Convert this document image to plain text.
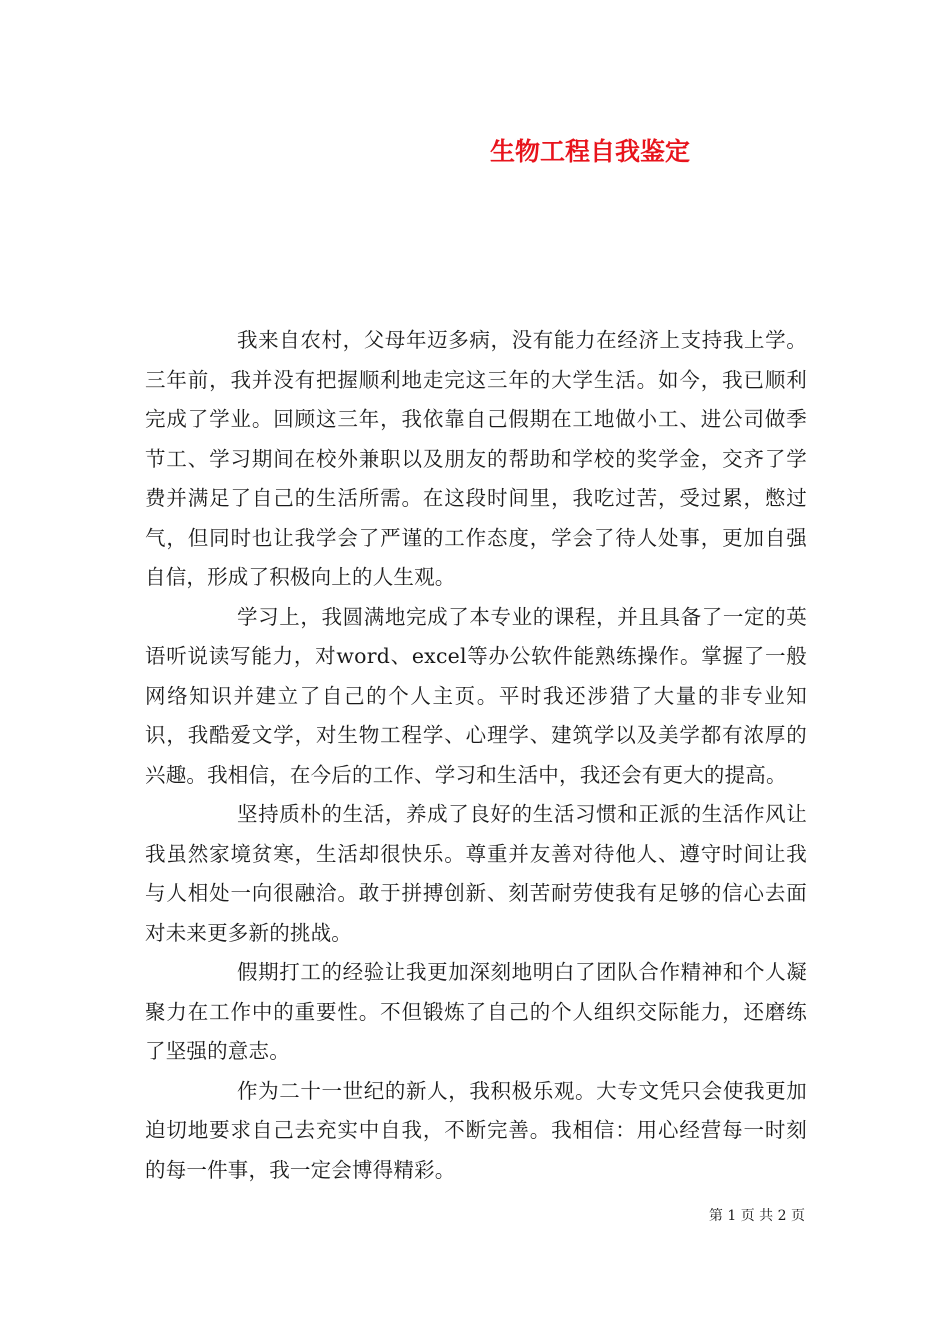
生物工程自我鉴定

我来自农村，父母年迈多病，没有能力在经济上支持我上学。三年前，我并没有把握顺利地走完这三年的大学生活。如今，我已顺利完成了学业。回顾这三年，我依靠自己假期在工地做小工、进公司做季节工、学习期间在校外兼职以及朋友的帮助和学校的奖学金，交齐了学费并满足了自己的生活所需。在这段时间里，我吃过苦，受过累，憋过气，但同时也让我学会了严谨的工作态度，学会了待人处事，更加自强自信，形成了积极向上的人生观。

学习上，我圆满地完成了本专业的课程，并且具备了一定的英语听说读写能力，对word、excel等办公软件能熟练操作。掌握了一般网络知识并建立了自己的个人主页。平时我还涉猎了大量的非专业知识，我酷爱文学，对生物工程学、心理学、建筑学以及美学都有浓厚的兴趣。我相信，在今后的工作、学习和生活中，我还会有更大的提高。

坚持质朴的生活，养成了良好的生活习惯和正派的生活作风让我虽然家境贫寒，生活却很快乐。尊重并友善对待他人、遵守时间让我与人相处一向很融洽。敢于拼搏创新、刻苦耐劳使我有足够的信心去面对未来更多新的挑战。

假期打工的经验让我更加深刻地明白了团队合作精神和个人凝聚力在工作中的重要性。不但锻炼了自己的个人组织交际能力，还磨练了坚强的意志。

作为二十一世纪的新人，我积极乐观。大专文凭只会使我更加迫切地要求自己去充实中自我，不断完善。我相信：用心经营每一时刻的每一件事，我一定会博得精彩。

第 1 页 共 2 页
